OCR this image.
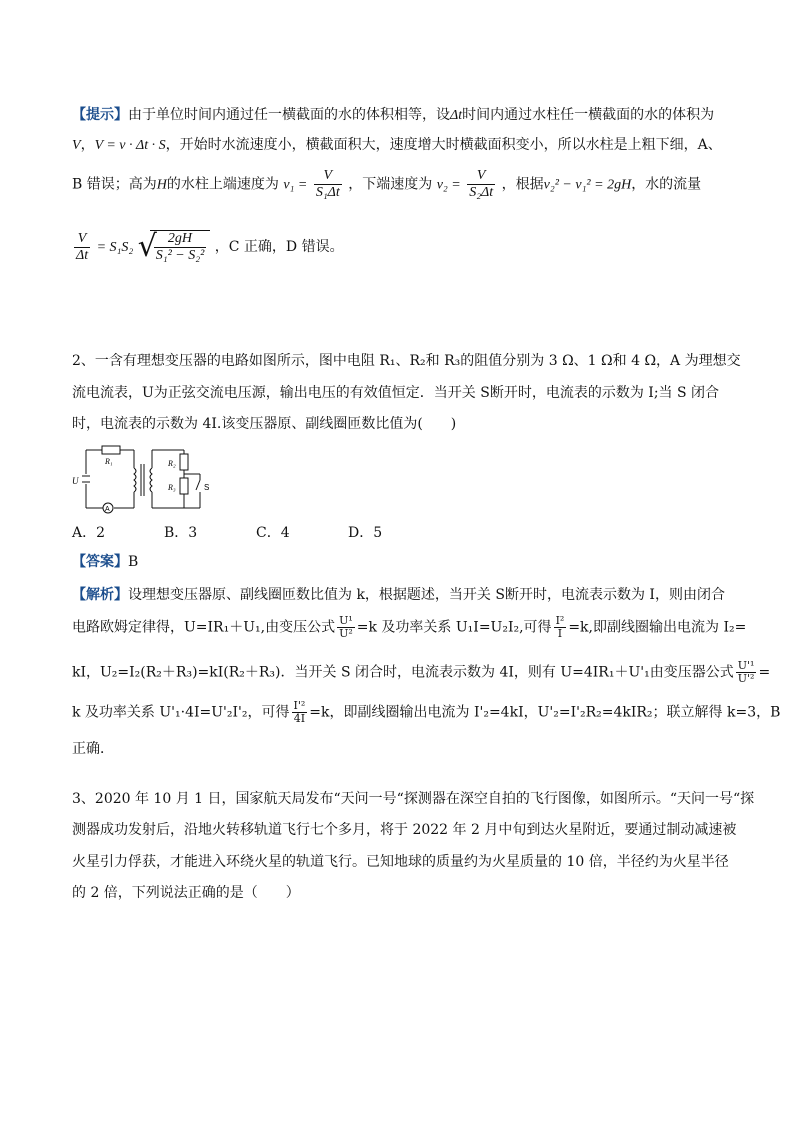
【提示】由于单位时间内通过任一横截面的水的体积相等，设Δt时间内通过水柱任一横截面的水的体积为
V，V = v · Δt · S，开始时水流速度小，横截面积大，速度增大时横截面积变小，所以水柱是上粗下细，A、
B 错误；高为H的水柱上端速度为 $v_1 = \frac{V}{\text{S₁Δt}}$ ，下端速度为 $v_2 = \frac{V}{\text{S₂Δt}}$ ，根据v₂² − v₁² = 2gH，水的流量
$\frac{V}{\Delta t} = S_1S_2$ √
$\frac{2gH}{\text{S₁² − S₂²}}$ ，C 正确，D 错误。
2、一含有理想变压器的电路如图所示，图中电阻 R₁、R₂和 R₃的阻值分别为 3 Ω、1 Ω和 4 Ω，A 为理想交
流电流表，U为正弦交流电压源，输出电压的有效值恒定．当开关 S断开时，电流表的示数为 I;当 S 闭合
时，电流表的示数为 4I.该变压器原、副线圈匝数比值为(　　)
U
R₁	R₂
R₃	S
A
A．2	B．3	C．4	D．5
【答案】B
【解析】设理想变压器原、副线圈匝数比值为 k，根据题述，当开关 S断开时，电流表示数为 I，则由闭合
电路欧姆定律得，U=IR₁＋U₁,由变压公式 $\frac{\text{U¹}}{\text{U²}} =k$ 及功率关系 U₁I=U₂I₂,可得 $\frac{\text{I²}}{I} =k$,即副线圈输出电流为 I₂=
kI，U₂=I₂(R₂＋R₃)=kI(R₂＋R₃)．当开关 S 闭合时，电流表示数为 4I，则有 U=4IR₁＋U'₁由变压器公式 $\frac{\text{U'¹}}{\text{U'²}}$ =
k 及功率关系 U'₁·4I=U'₂I'₂，可得 $\frac{\text{I'²}}{4I} =k$，即副线圈输出电流为 I'₂=4kI，U'₂=I'₂R₂=4kIR₂；联立解得 k=3，B
正确．
3、2020 年 10 月 1 日，国家航天局发布“天问一号“探测器在深空自拍的飞行图像，如图所示。“天问一号“探
测器成功发射后，沿地火转移轨道飞行七个多月，将于 2022 年 2 月中旬到达火星附近，要通过制动减速被
火星引力俘获，才能进入环绕火星的轨道飞行。已知地球的质量约为火星质量的 10 倍，半径约为火星半径
的 2 倍，下列说法正确的是（　　）
